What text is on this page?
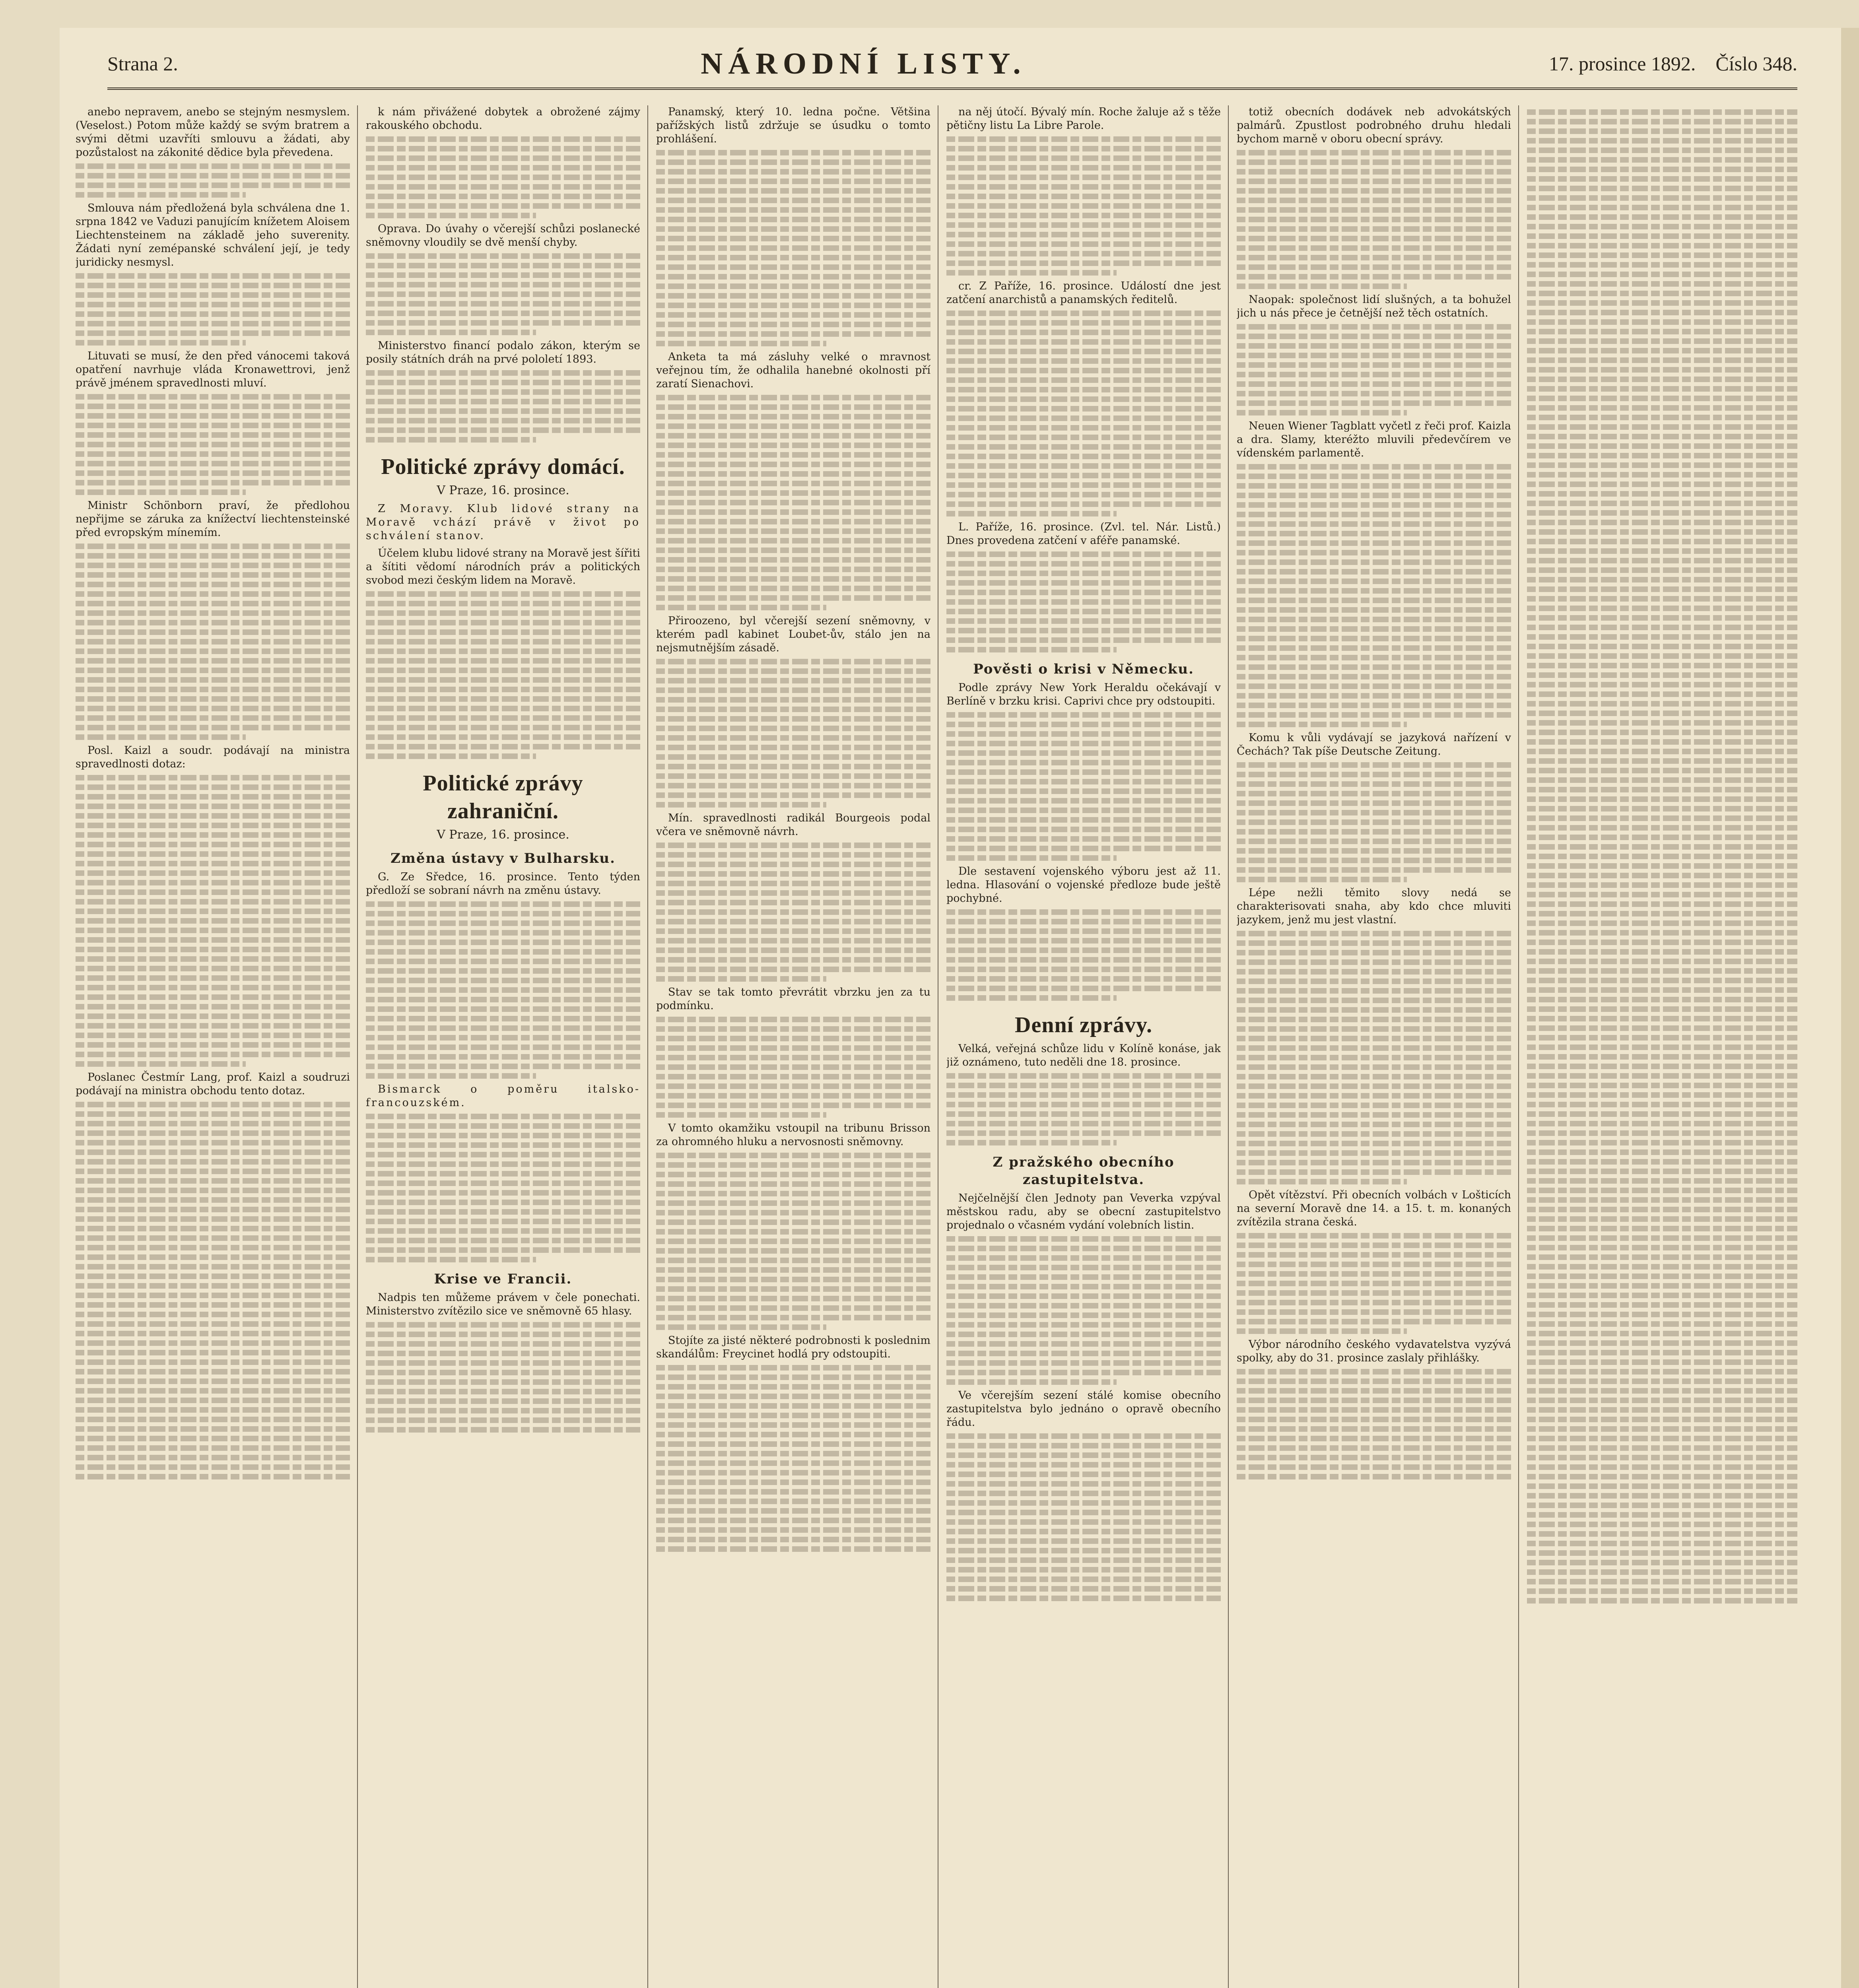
Strana 2.	NÁRODNÍ LISTY.	17. prosince 1892. Číslo 348.

anebo nepravem, anebo se stejným nesmyslem. (Veselost.) Potom může každý se svým bratrem a svými dětmi uzavříti smlouvu a žádati, aby pozůstalost na zákonité dědice byla převedena.

Smlouva nám předložená byla schválena dne 1. srpna 1842 ve Vaduzi panujícím knížetem Aloisem Liechtensteinem na základě jeho suverenity. Žádati nyní zemépanské schválení její, je tedy juridicky nesmysl.

Lituvati se musí, že den před vánocemi taková opatření navrhuje vláda Kronawettrovi, jenž právě jménem spravedlnosti mluví.

Ministr Schönborn praví, že předlohou nepřijme se záruka za knížectví liechtensteinské před evropským mínemím.

Posl. Kaizl a soudr. podávají na ministra spravedlnosti dotaz:

Poslanec Čestmír Lang, prof. Kaizl a soudruzi podávají na ministra obchodu tento dotaz.

k nám přivážené dobytek a obrožené zájmy rakouského obchodu.

Oprava. Do úvahy o včerejší schůzi poslanecké sněmovny vloudily se dvě menší chyby.

Ministerstvo financí podalo zákon, kterým se posily státních dráh na prvé pololetí 1893.

Politické zprávy domácí.
V Praze, 16. prosince.

Z Moravy. Klub lidové strany na Moravě vchází právě v život po schválení stanov.

Účelem klubu lidové strany na Moravě jest šířiti a šítiti vědomí národních práv a politických svobod mezi českým lidem na Moravě.

Politické zprávy zahraniční.
V Praze, 16. prosince.
Změna ústavy v Bulharsku.

G. Ze Sředce, 16. prosince. Tento týden předloží se sobraní návrh na změnu ústavy.

Bismarck o poměru italsko-francouzském.

Krise ve Francii.

Nadpis ten můžeme právem v čele ponechati. Ministerstvo zvítězilo sice ve sněmovně 65 hlasy.

Panamský, který 10. ledna počne. Většina pařížských listů zdržuje se úsudku o tomto prohlášení.

Anketa ta má zásluhy velké o mravnost veřejnou tím, že odhalila hanebné okolnosti pří zaratí Sienachovi.

Přiroozeno, byl včerejší sezení sněmovny, v kterém padl kabinet Loubet-ův, stálo jen na nejsmutnějším zásadě.

Mín. spravedlnosti radikál Bourgeois podal včera ve sněmovně návrh.

Stav se tak tomto převrátit vbrzku jen za tu podmínku.

V tomto okamžiku vstoupil na tribunu Brisson za ohromného hluku a nervosnosti sněmovny.

Stojíte za jisté některé podrobnosti k poslednim skandálům: Freycinet hodlá pry odstoupiti.

na něj útočí. Bývalý mín. Roche žaluje až s těže pětičny listu La Libre Parole.

cr. Z Paříže, 16. prosince. Událostí dne jest zatčení anarchistů a panamských ředitelů.

L. Paříže, 16. prosince. (Zvl. tel. Nár. Listů.) Dnes provedena zatčení v aféře panamské.

Pověsti o krisi v Německu.

Podle zprávy New York Heraldu očekávají v Berlíně v brzku krisi. Caprivi chce pry odstoupiti.

Dle sestavení vojenského výboru jest až 11. ledna. Hlasování o vojenské předloze bude ještě pochybné.

Denní zprávy.

Velká, veřejná schůze lidu v Kolíně konáse, jak již oznámeno, tuto neděli dne 18. prosince.

Z pražského obecního zastupitelstva.

Nejčelnější člen Jednoty pan Veverka vzpýval městskou radu, aby se obecní zastupitelstvo projednalo o včasném vydání volebních listin.

Ve včerejším sezení stálé komise obecního zastupitelstva bylo jednáno o opravě obecního řádu.

totiž obecních dodávek neb advokátských palmárů. Zpustlost podrobného druhu hledali bychom marně v oboru obecní správy.

Naopak: společnost lidí slušných, a ta bohužel jich u nás přece je četnější než těch ostatních.

Neuen Wiener Tagblatt vyčetl z řeči prof. Kaizla a dra. Slamy, kteréžto mluvili předevčírem ve vídenském parlamentě.

Komu k vůli vydávají se jazyková nařízení v Čechách? Tak píše Deutsche Zeitung.

Lépe nežli těmito slovy nedá se charakterisovati snaha, aby kdo chce mluviti jazykem, jenž mu jest vlastní.

Opět vítězství. Při obecních volbách v Lošticích na severní Moravě dne 14. a 15. t. m. konaných zvítězila strana česká.

Výbor národního českého vydavatelstva vyzývá spolky, aby do 31. prosince zaslaly přihlášky.
